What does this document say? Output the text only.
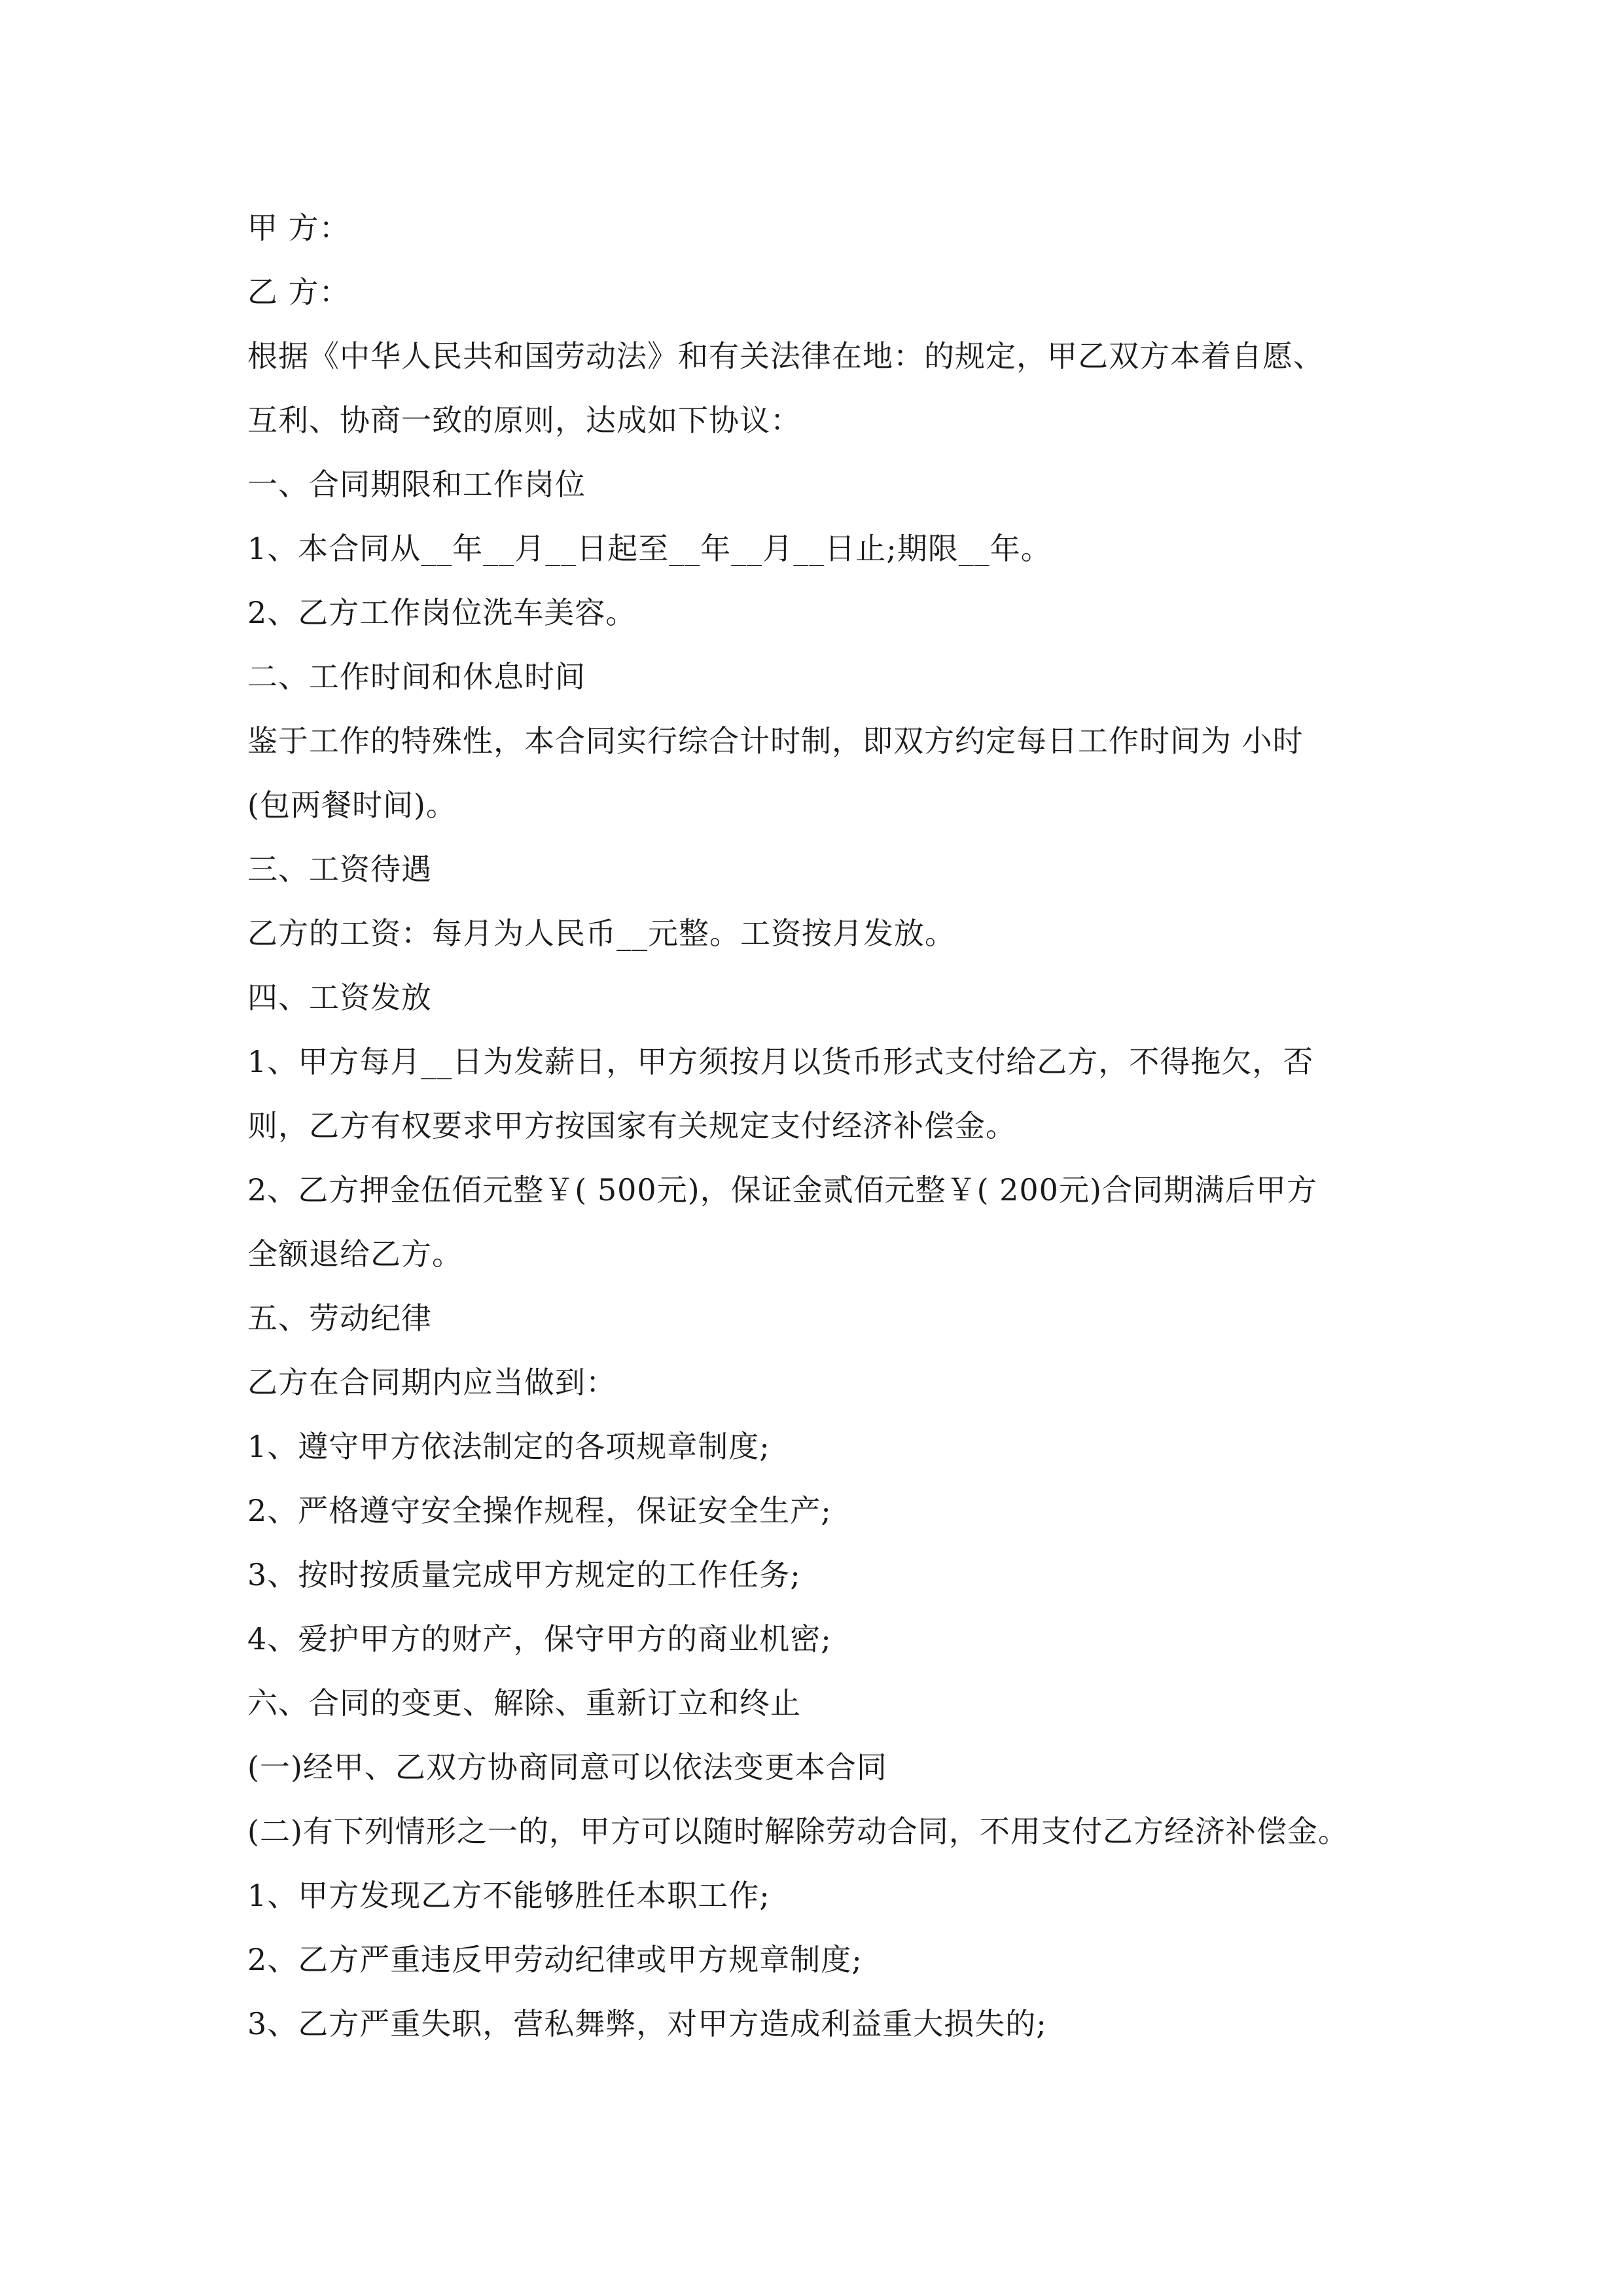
甲 方：
乙 方：
根据《中华人民共和国劳动法》和有关法律在地：的规定，甲乙双方本着自愿、
互利、协商一致的原则，达成如下协议：
一、合同期限和工作岗位
1、本合同从__年__月__日起至__年__月__日止;期限__年。
2、乙方工作岗位洗车美容。
二、工作时间和休息时间
鉴于工作的特殊性，本合同实行综合计时制，即双方约定每日工作时间为 小时
(包两餐时间)。
三、工资待遇
乙方的工资：每月为人民币__元整。工资按月发放。
四、工资发放
1、甲方每月__日为发薪日，甲方须按月以货币形式支付给乙方，不得拖欠，否
则，乙方有权要求甲方按国家有关规定支付经济补偿金。
2、乙方押金伍佰元整￥( 500元)，保证金贰佰元整￥( 200元)合同期满后甲方
全额退给乙方。
五、劳动纪律
乙方在合同期内应当做到：
1、遵守甲方依法制定的各项规章制度;
2、严格遵守安全操作规程，保证安全生产;
3、按时按质量完成甲方规定的工作任务;
4、爱护甲方的财产，保守甲方的商业机密;
六、合同的变更、解除、重新订立和终止
(一)经甲、乙双方协商同意可以依法变更本合同
(二)有下列情形之一的，甲方可以随时解除劳动合同，不用支付乙方经济补偿金。
1、甲方发现乙方不能够胜任本职工作;
2、乙方严重违反甲劳动纪律或甲方规章制度;
3、乙方严重失职，营私舞弊，对甲方造成利益重大损失的;
